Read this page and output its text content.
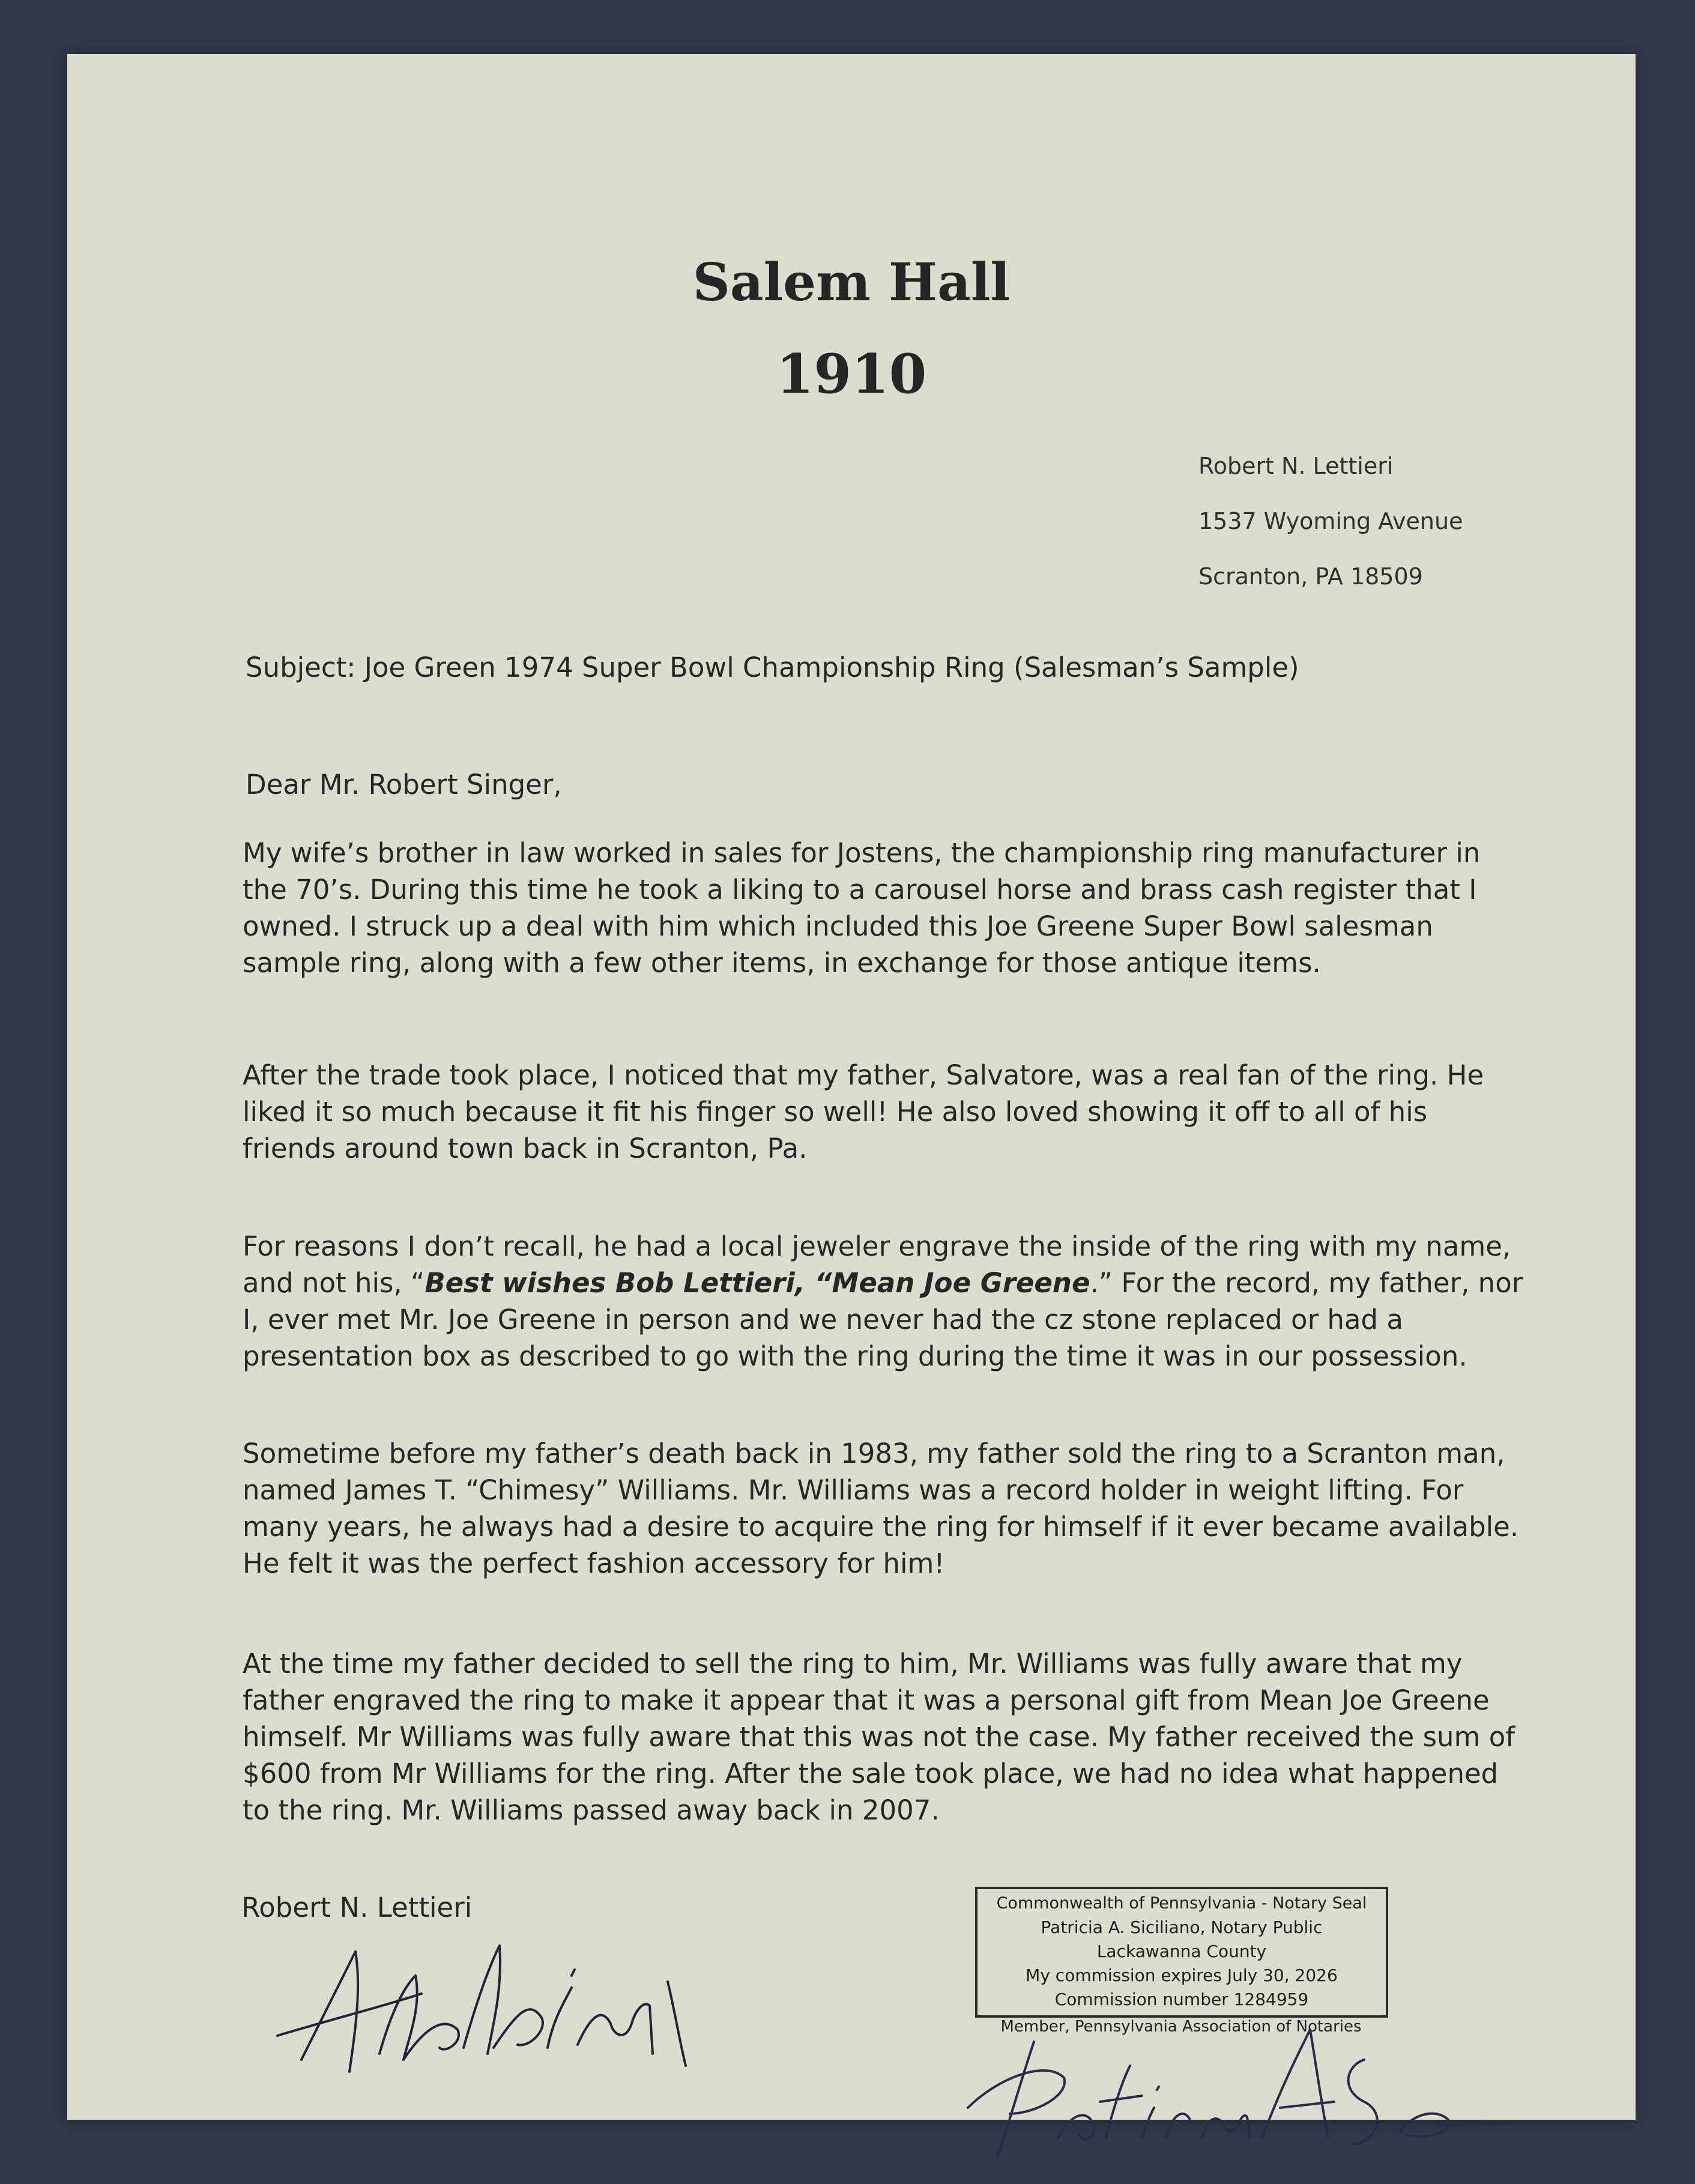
Salem Hall
1910
Robert N. Lettieri
1537 Wyoming Avenue
Scranton, PA 18509
Subject: Joe Green 1974 Super Bowl Championship Ring (Salesman’s Sample)
Dear Mr. Robert Singer,

My wife’s brother in law worked in sales for Jostens, the championship ring manufacturer in the 70’s. During this time he took a liking to a carousel horse and brass cash register that I owned. I struck up a deal with him which included this Joe Greene Super Bowl salesman sample ring, along with a few other items, in exchange for those antique items.

After the trade took place, I noticed that my father, Salvatore, was a real fan of the ring. He liked it so much because it fit his finger so well! He also loved showing it off to all of his friends around town back in Scranton, Pa.

For reasons I don’t recall, he had a local jeweler engrave the inside of the ring with my name, and not his, “Best wishes Bob Lettieri, “Mean Joe Greene.” For the record, my father, nor I, ever met Mr. Joe Greene in person and we never had the cz stone replaced or had a presentation box as described to go with the ring during the time it was in our possession.

Sometime before my father’s death back in 1983, my father sold the ring to a Scranton man, named James T. “Chimesy” Williams. Mr. Williams was a record holder in weight lifting. For many years, he always had a desire to acquire the ring for himself if it ever became available. He felt it was the perfect fashion accessory for him!

At the time my father decided to sell the ring to him, Mr. Williams was fully aware that my father engraved the ring to make it appear that it was a personal gift from Mean Joe Greene himself. Mr Williams was fully aware that this was not the case. My father received the sum of $600 from Mr Williams for the ring. After the sale took place, we had no idea what happened to the ring. Mr. Williams passed away back in 2007.

Robert N. Lettieri	Commonwealth of Pennsylvania - Notary Seal
Patricia A. Siciliano, Notary Public
Lackawanna County
My commission expires July 30, 2026
Commission number 1284959
Member, Pennsylvania Association of Notaries
